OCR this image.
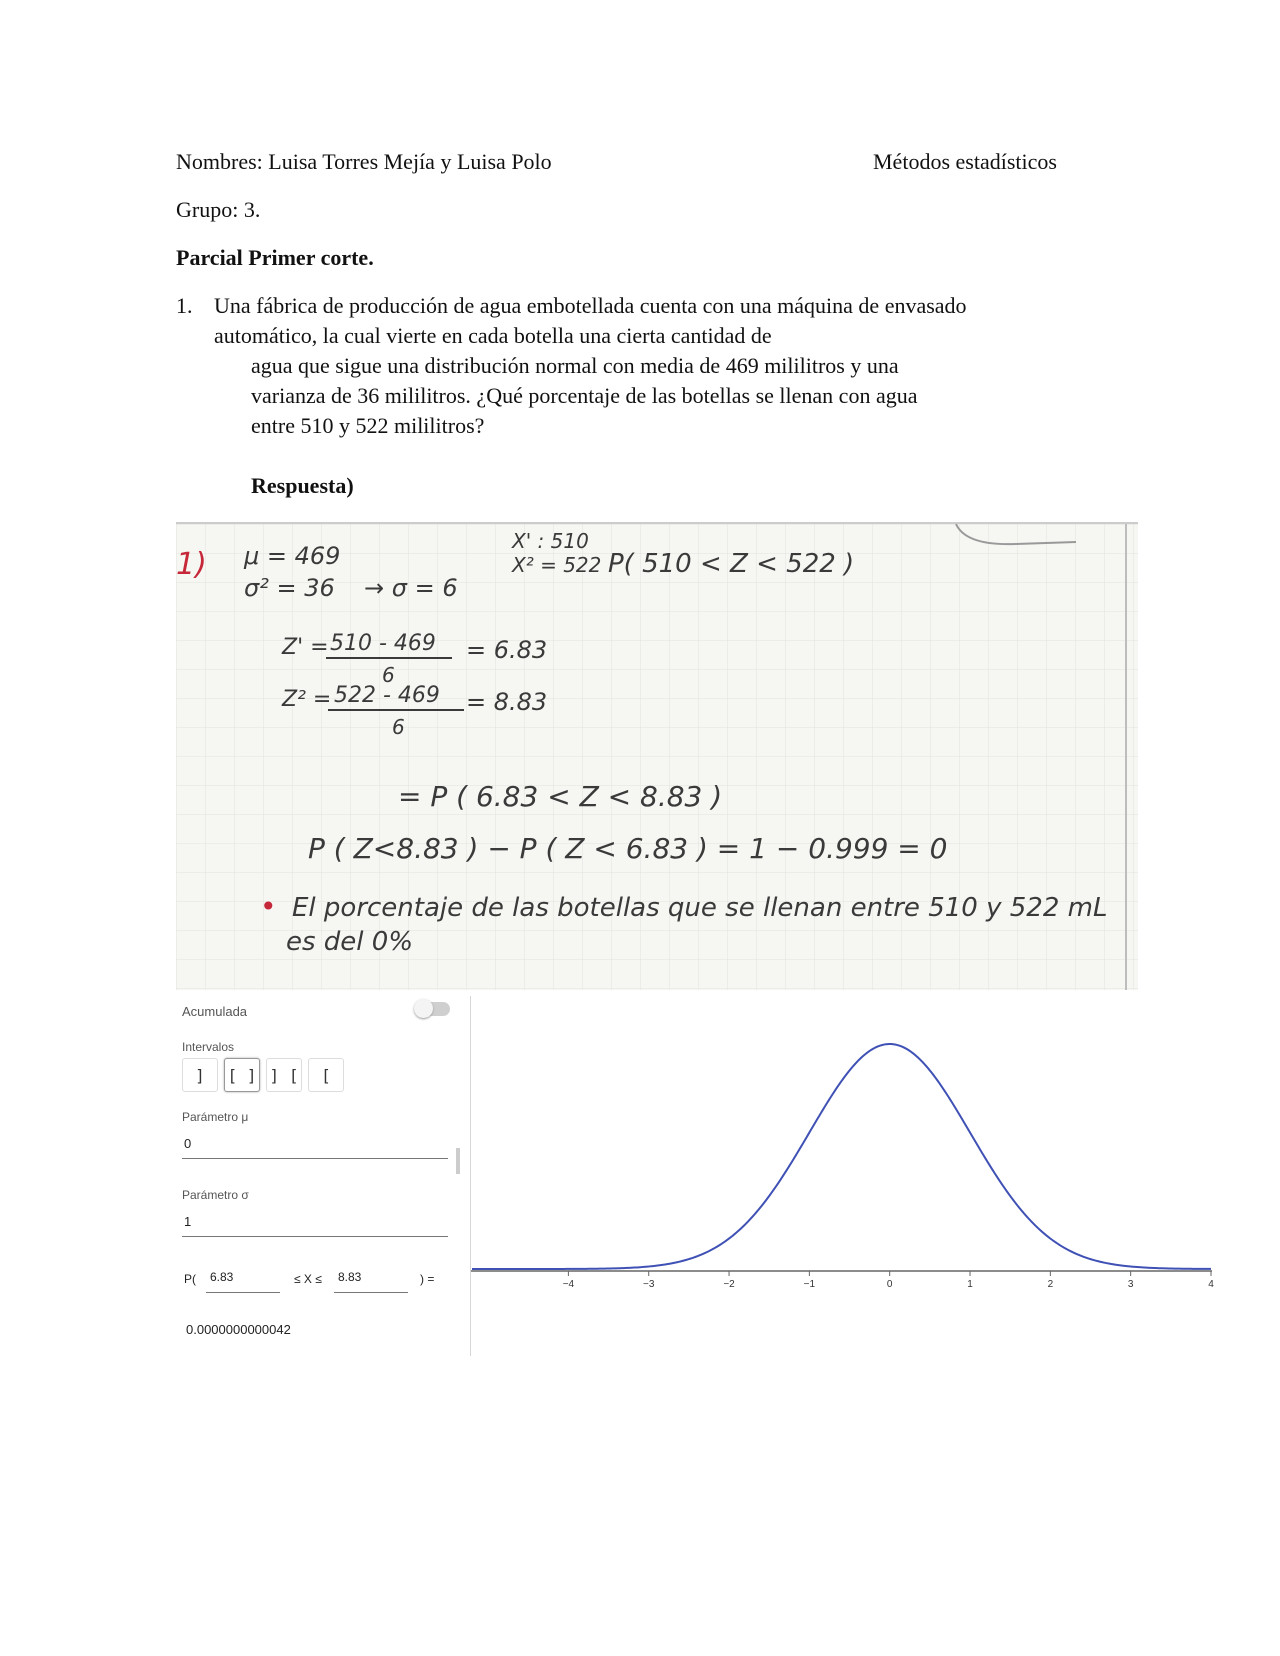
Nombres: Luisa Torres Mejía y Luisa Polo	Métodos estadísticos
Grupo: 3.
Parcial Primer corte.
1. Una fábrica de producción de agua embotellada cuenta con una máquina de envasado
automático, la cual vierte en cada botella una cierta cantidad de
agua que sigue una distribución normal con media de 469 mililitros y una
varianza de 36 mililitros. ¿Qué porcentaje de las botellas se llenan con agua
entre 510 y 522 mililitros?
Respuesta)
1) μ = 469
σ² = 36 → σ = 6
X' : 510
X² = 522 P( 510 < Z < 522 )
Z' = 510 - 469
6
= 6.83
Z² = 522 - 469
6
= 8.83
= P ( 6.83 < Z < 8.83 )
P ( Z<8.83 ) − P ( Z < 6.83 ) = 1 − 0.999 = 0
• El porcentaje de las botellas que se llenan entre 510 y 522 mL
es del 0%
Acumulada
Intervalos
]	[ ] ] [	[
Parámetro μ
0
Parámetro σ
1
P( 6.83	≤ X ≤ 8.83	) =
0.0000000000042
−4	−3	−2	−1	0	1	2	3	4
